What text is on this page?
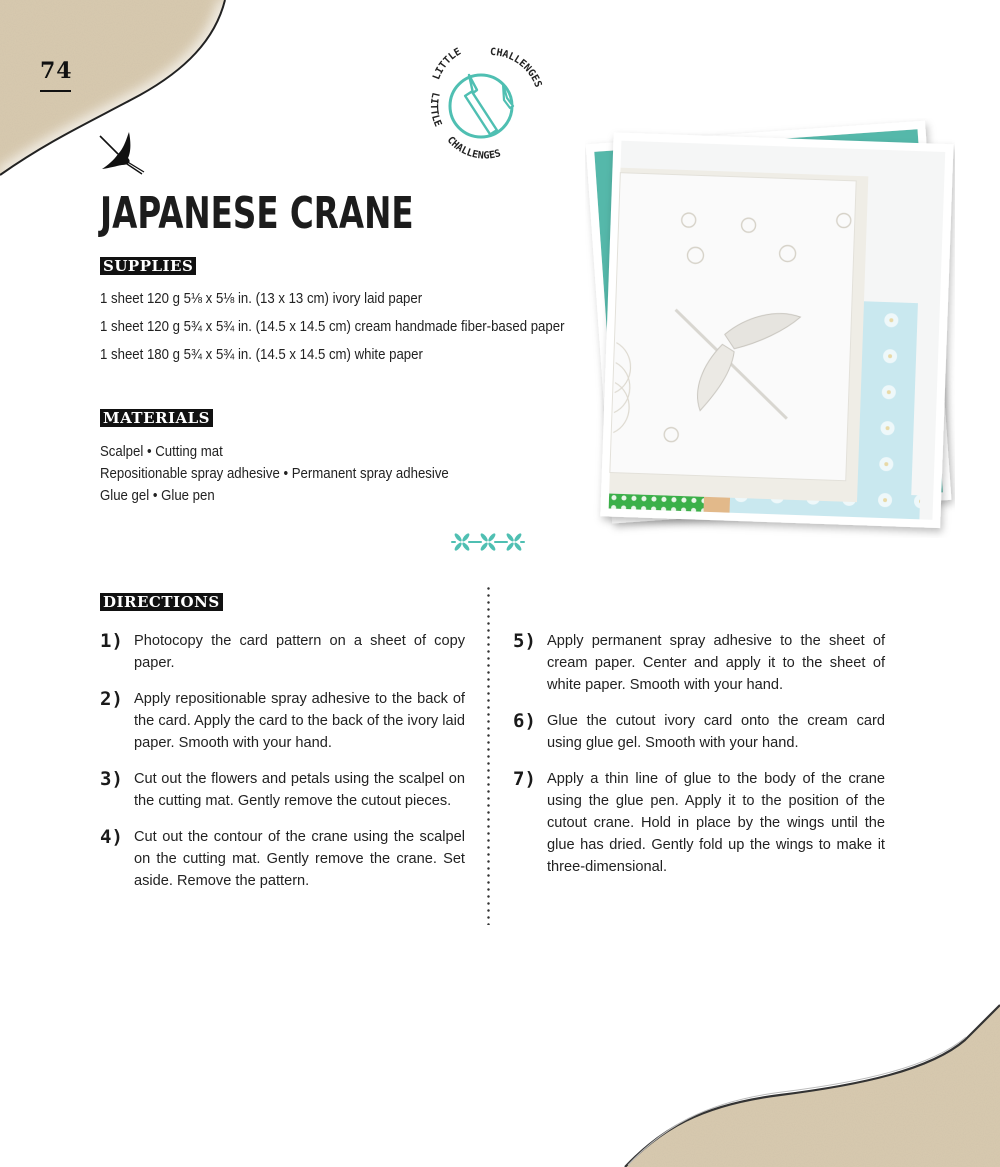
74	LITTLE	CHALLENGES
LITTLE
CHALLENGES
JAPANESE CRANE
SUPPLIES
1 sheet 120 g 5⅛ x 5⅛ in. (13 x 13 cm) ivory laid paper
1 sheet 120 g 5¾ x 5¾ in. (14.5 x 14.5 cm) cream handmade fiber-based paper
1 sheet 180 g 5¾ x 5¾ in. (14.5 x 14.5 cm) white paper
MATERIALS
Scalpel • Cutting mat
Repositionable spray adhesive • Permanent spray adhesive
Glue gel • Glue pen
DIRECTIONS
1) Photocopy the card pattern on a sheet of copy paper.
2) Apply repositionable spray adhesive to the back of the card. Apply the card to the back of the ivory laid paper. Smooth with your hand.
3) Cut out the flowers and petals using the scalpel on the cutting mat. Gently remove the cutout pieces.
4) Cut out the contour of the crane using the scalpel on the cutting mat. Gently remove the crane. Set aside. Remove the pattern.
5) Apply permanent spray adhesive to the sheet of cream paper. Center and apply it to the sheet of white paper. Smooth with your hand.
6) Glue the cutout ivory card onto the cream card using glue gel. Smooth with your hand.
7) Apply a thin line of glue to the body of the crane using the glue pen. Apply it to the position of the cutout crane. Hold in place by the wings until the glue has dried. Gently fold up the wings to make it three-dimensional.
